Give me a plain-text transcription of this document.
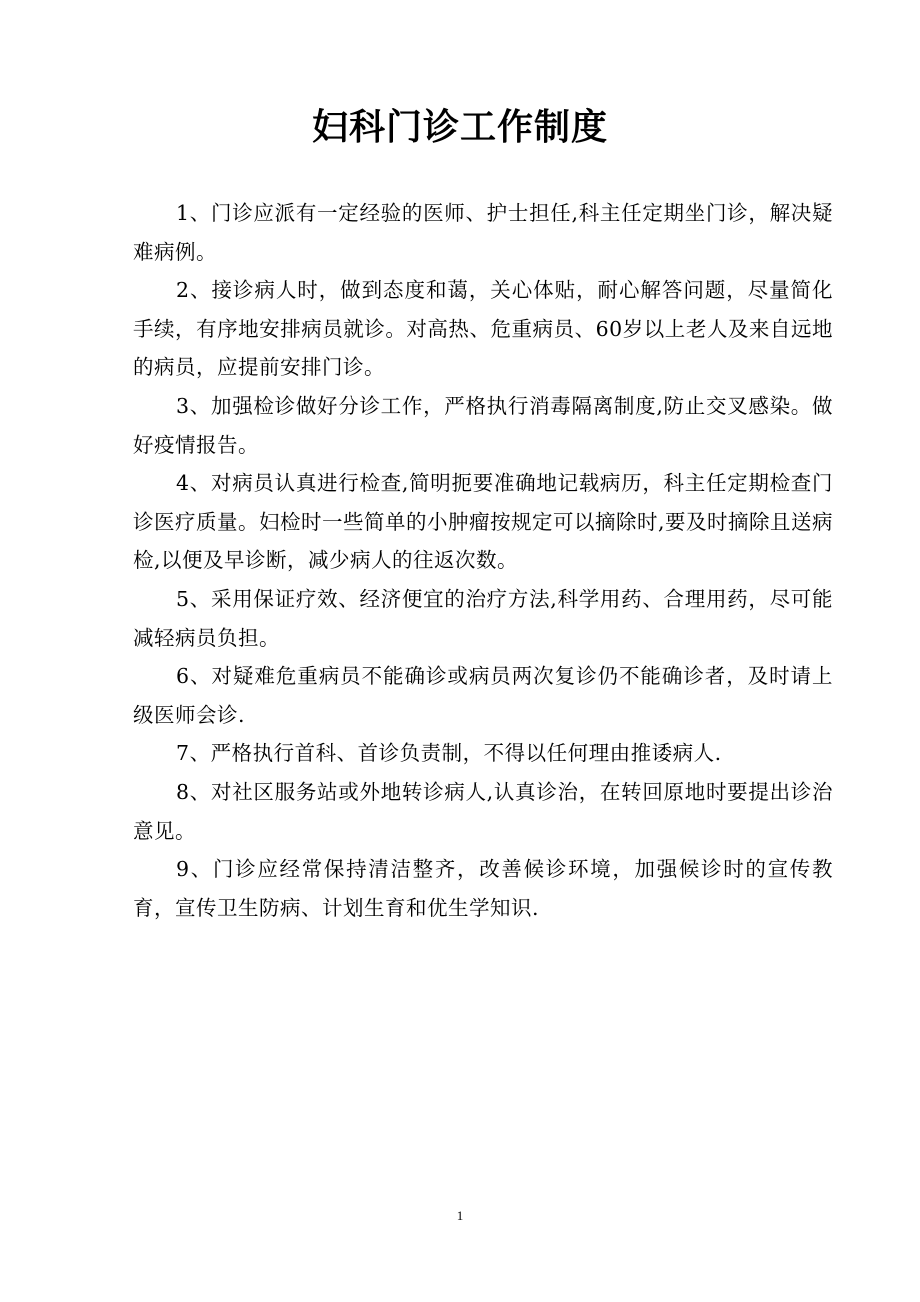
妇科门诊工作制度

1、门诊应派有一定经验的医师、护士担任,科主任定期坐门诊，解决疑难病例。

2、接诊病人时，做到态度和蔼，关心体贴，耐心解答问题，尽量简化手续，有序地安排病员就诊。对高热、危重病员、60岁以上老人及来自远地的病员，应提前安排门诊。

3、加强检诊做好分诊工作，严格执行消毒隔离制度,防止交叉感染。做好疫情报告。

4、对病员认真进行检查,简明扼要准确地记载病历，科主任定期检查门诊医疗质量。妇检时一些简单的小肿瘤按规定可以摘除时,要及时摘除且送病检,以便及早诊断，减少病人的往返次数。

5、采用保证疗效、经济便宜的治疗方法,科学用药、合理用药，尽可能减轻病员负担。

6、对疑难危重病员不能确诊或病员两次复诊仍不能确诊者，及时请上级医师会诊.

7、严格执行首科、首诊负责制，不得以任何理由推诿病人.

8、对社区服务站或外地转诊病人,认真诊治，在转回原地时要提出诊治意见。

9、门诊应经常保持清洁整齐，改善候诊环境，加强候诊时的宣传教育，宣传卫生防病、计划生育和优生学知识.

1
